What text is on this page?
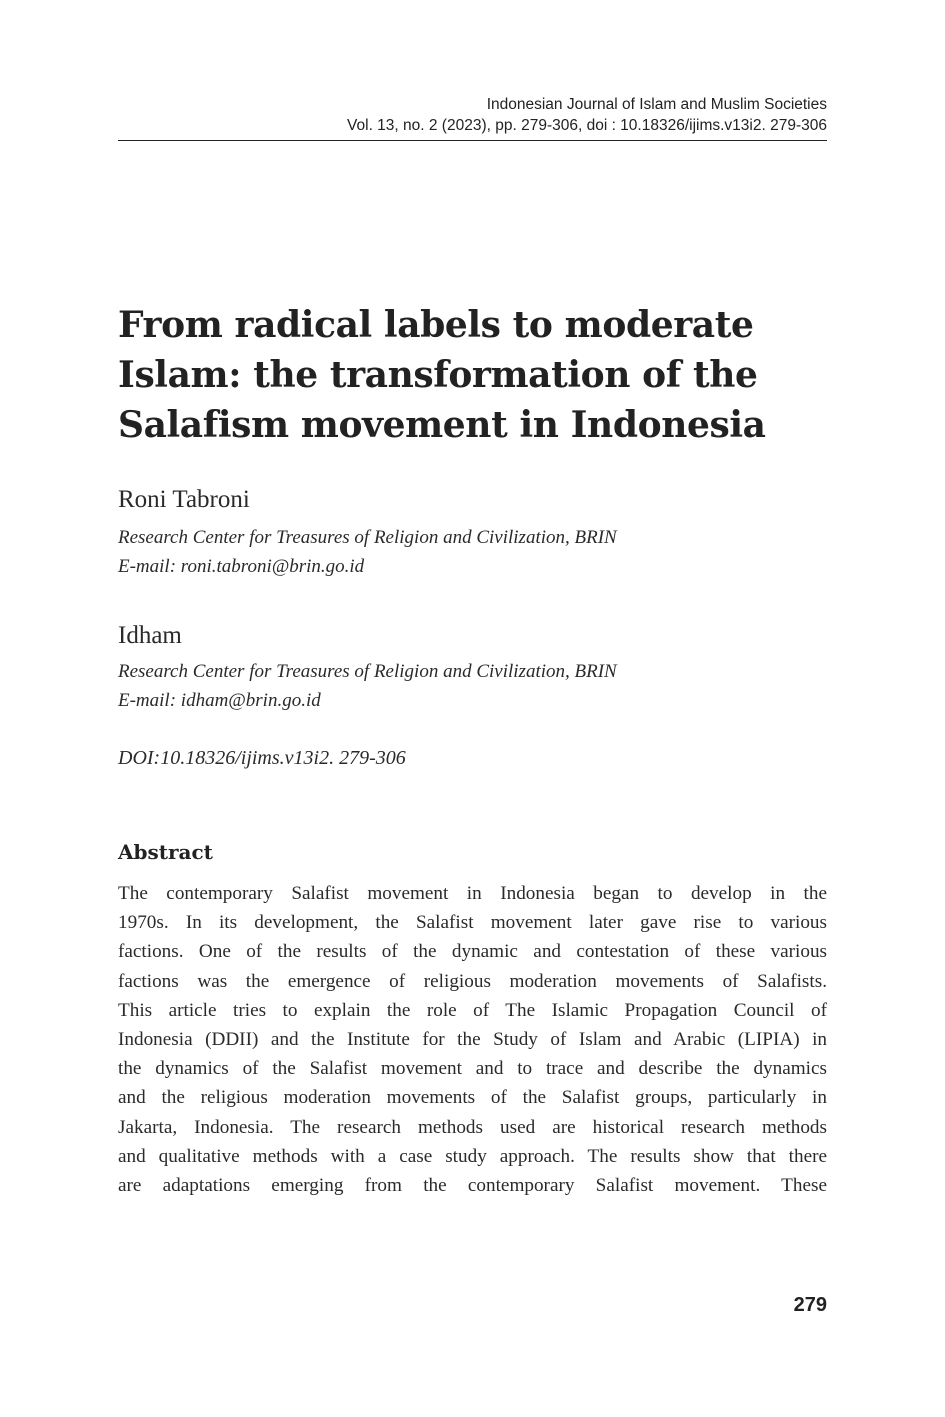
Indonesian Journal of Islam and Muslim Societies
Vol. 13, no. 2 (2023), pp. 279-306, doi : 10.18326/ijims.v13i2. 279-306
From radical labels to moderate
Islam: the transformation of the
Salafism movement in Indonesia
Roni Tabroni
Research Center for Treasures of Religion and Civilization, BRIN
E-mail: roni.tabroni@brin.go.id
Idham
Research Center for Treasures of Religion and Civilization, BRIN
E-mail: idham@brin.go.id
DOI:10.18326/ijims.v13i2. 279-306
Abstract
The contemporary Salafist movement in Indonesia began to develop in the
1970s. In its development, the Salafist movement later gave rise to various
factions. One of the results of the dynamic and contestation of these various
factions was the emergence of religious moderation movements of Salafists.
This article tries to explain the role of The Islamic Propagation Council of
Indonesia (DDII) and the Institute for the Study of Islam and Arabic (LIPIA) in
the dynamics of the Salafist movement and to trace and describe the dynamics
and the religious moderation movements of the Salafist groups, particularly in
Jakarta, Indonesia. The research methods used are historical research methods
and qualitative methods with a case study approach. The results show that there
are adaptations emerging from the contemporary Salafist movement. These
279
